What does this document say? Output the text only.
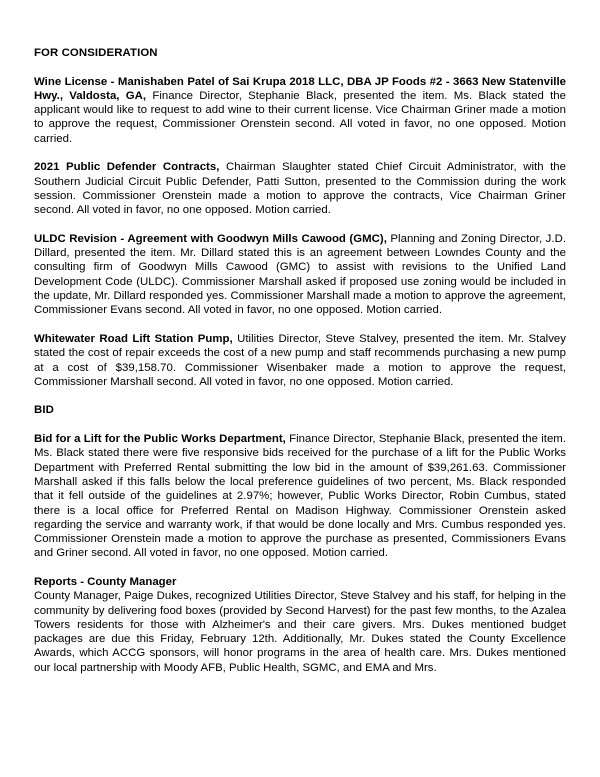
FOR CONSIDERATION

Wine License - Manishaben Patel of Sai Krupa 2018 LLC, DBA JP Foods #2 - 3663 New Statenville Hwy., Valdosta, GA, Finance Director, Stephanie Black, presented the item. Ms. Black stated the applicant would like to request to add wine to their current license. Vice Chairman Griner made a motion to approve the request, Commissioner Orenstein second. All voted in favor, no one opposed. Motion carried.

2021 Public Defender Contracts, Chairman Slaughter stated Chief Circuit Administrator, with the Southern Judicial Circuit Public Defender, Patti Sutton, presented to the Commission during the work session. Commissioner Orenstein made a motion to approve the contracts, Vice Chairman Griner second. All voted in favor, no one opposed. Motion carried.

ULDC Revision - Agreement with Goodwyn Mills Cawood (GMC), Planning and Zoning Director, J.D. Dillard, presented the item. Mr. Dillard stated this is an agreement between Lowndes County and the consulting firm of Goodwyn Mills Cawood (GMC) to assist with revisions to the Unified Land Development Code (ULDC). Commissioner Marshall asked if proposed use zoning would be included in the update, Mr. Dillard responded yes. Commissioner Marshall made a motion to approve the agreement, Commissioner Evans second. All voted in favor, no one opposed. Motion carried.

Whitewater Road Lift Station Pump, Utilities Director, Steve Stalvey, presented the item. Mr. Stalvey stated the cost of repair exceeds the cost of a new pump and staff recommends purchasing a new pump at a cost of $39,158.70. Commissioner Wisenbaker made a motion to approve the request, Commissioner Marshall second. All voted in favor, no one opposed. Motion carried.

BID

Bid for a Lift for the Public Works Department, Finance Director, Stephanie Black, presented the item. Ms. Black stated there were five responsive bids received for the purchase of a lift for the Public Works Department with Preferred Rental submitting the low bid in the amount of $39,261.63. Commissioner Marshall asked if this falls below the local preference guidelines of two percent, Ms. Black responded that it fell outside of the guidelines at 2.97%; however, Public Works Director, Robin Cumbus, stated there is a local office for Preferred Rental on Madison Highway. Commissioner Orenstein asked regarding the service and warranty work, if that would be done locally and Mrs. Cumbus responded yes. Commissioner Orenstein made a motion to approve the purchase as presented, Commissioners Evans and Griner second. All voted in favor, no one opposed. Motion carried.

Reports - County Manager

County Manager, Paige Dukes, recognized Utilities Director, Steve Stalvey and his staff, for helping in the community by delivering food boxes (provided by Second Harvest) for the past few months, to the Azalea Towers residents for those with Alzheimer's and their care givers. Mrs. Dukes mentioned budget packages are due this Friday, February 12th. Additionally, Mr. Dukes stated the County Excellence Awards, which ACCG sponsors, will honor programs in the area of health care. Mrs. Dukes mentioned our local partnership with Moody AFB, Public Health, SGMC, and EMA and Mrs.
